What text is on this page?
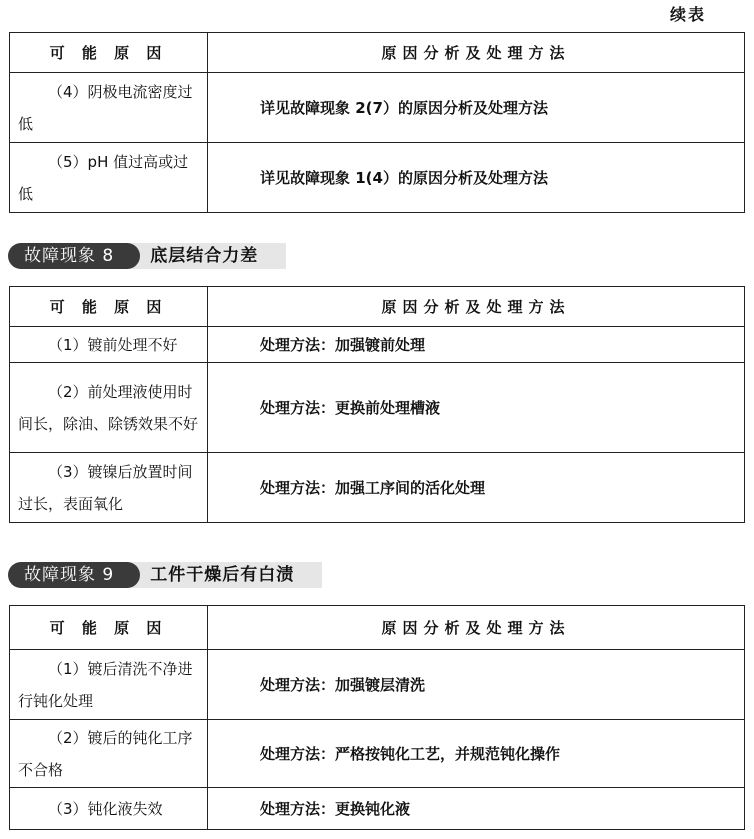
续表
可 能 原 因	原因分析及处理方法
（4）阴极电流密度过低	详见故障现象 2(7）的原因分析及处理方法
（5）pH 值过高或过低	详见故障现象 1(4）的原因分析及处理方法
故障现象 8	底层结合力差
可 能 原 因	原因分析及处理方法
（1）镀前处理不好	处理方法：加强镀前处理
（2）前处理液使用时间长，除油、除锈效果不好	处理方法：更换前处理槽液
（3）镀镍后放置时间过长，表面氧化	处理方法：加强工序间的活化处理
故障现象 9	工件干燥后有白渍
可 能 原 因	原因分析及处理方法
（1）镀后清洗不净进行钝化处理	处理方法：加强镀层清洗
（2）镀后的钝化工序不合格	处理方法：严格按钝化工艺，并规范钝化操作
（3）钝化液失效	处理方法：更换钝化液
